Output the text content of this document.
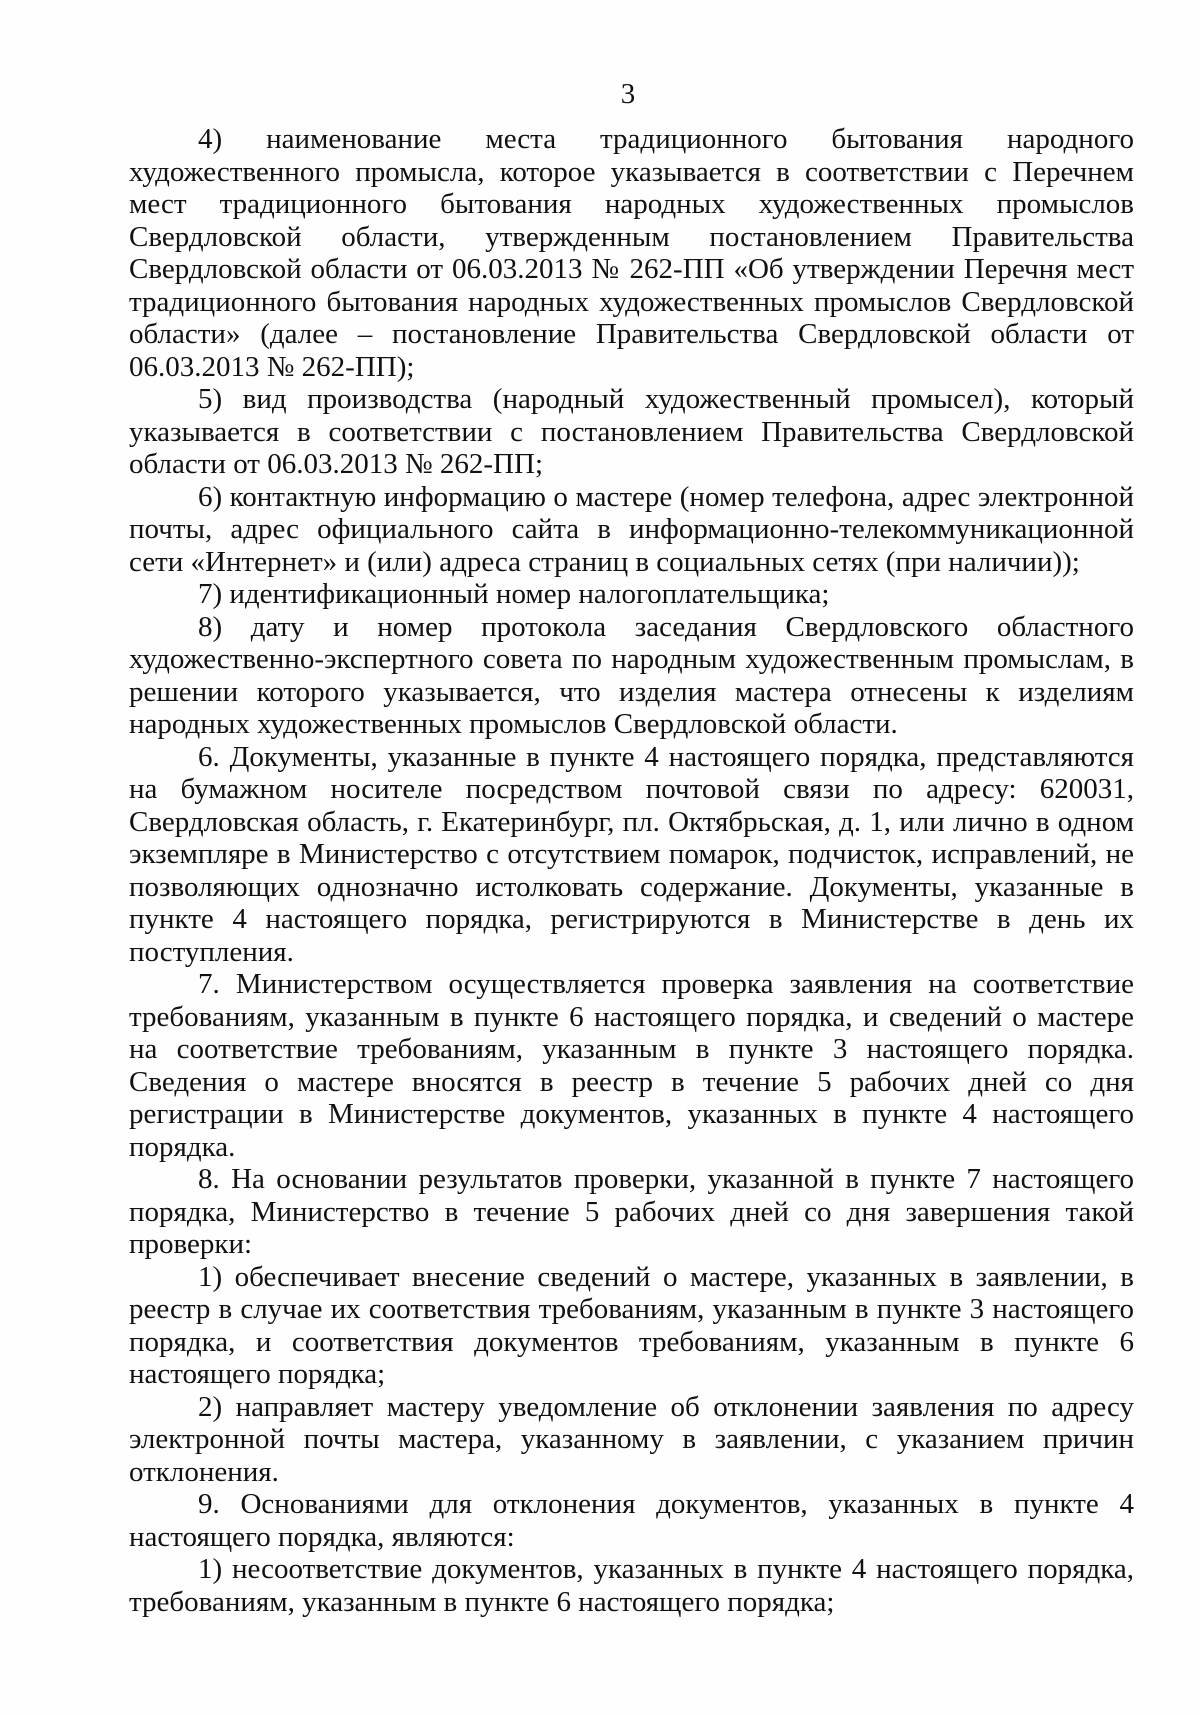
3

4) наименование места традиционного бытования народного художественного промысла, которое указывается в соответствии с Перечнем мест традиционного бытования народных художественных промыслов Свердловской области, утвержденным постановлением Правительства Свердловской области от 06.03.2013 № 262-ПП «Об утверждении Перечня мест традиционного бытования народных художественных промыслов Свердловской области» (далее – постановление Правительства Свердловской области от 06.03.2013 № 262-ПП);

5) вид производства (народный художественный промысел), который указывается в соответствии с постановлением Правительства Свердловской области от 06.03.2013 № 262-ПП;

6) контактную информацию о мастере (номер телефона, адрес электронной почты, адрес официального сайта в информационно-телекоммуникационной сети «Интернет» и (или) адреса страниц в социальных сетях (при наличии));

7) идентификационный номер налогоплательщика;

8) дату и номер протокола заседания Свердловского областного художественно-экспертного совета по народным художественным промыслам, в решении которого указывается, что изделия мастера отнесены к изделиям народных художественных промыслов Свердловской области.

6. Документы, указанные в пункте 4 настоящего порядка, представляются на бумажном носителе посредством почтовой связи по адресу: 620031, Свердловская область, г. Екатеринбург, пл. Октябрьская, д. 1, или лично в одном экземпляре в Министерство с отсутствием помарок, подчисток, исправлений, не позволяющих однозначно истолковать содержание. Документы, указанные в пункте 4 настоящего порядка, регистрируются в Министерстве в день их поступления.

7. Министерством осуществляется проверка заявления на соответствие требованиям, указанным в пункте 6 настоящего порядка, и сведений о мастере на соответствие требованиям, указанным в пункте 3 настоящего порядка. Сведения о мастере вносятся в реестр в течение 5 рабочих дней со дня регистрации в Министерстве документов, указанных в пункте 4 настоящего порядка.

8. На основании результатов проверки, указанной в пункте 7 настоящего порядка, Министерство в течение 5 рабочих дней со дня завершения такой проверки:

1) обеспечивает внесение сведений о мастере, указанных в заявлении, в реестр в случае их соответствия требованиям, указанным в пункте 3 настоящего порядка, и соответствия документов требованиям, указанным в пункте 6 настоящего порядка;

2) направляет мастеру уведомление об отклонении заявления по адресу электронной почты мастера, указанному в заявлении, с указанием причин отклонения.

9. Основаниями для отклонения документов, указанных в пункте 4 настоящего порядка, являются:

1) несоответствие документов, указанных в пункте 4 настоящего порядка, требованиям, указанным в пункте 6 настоящего порядка;
